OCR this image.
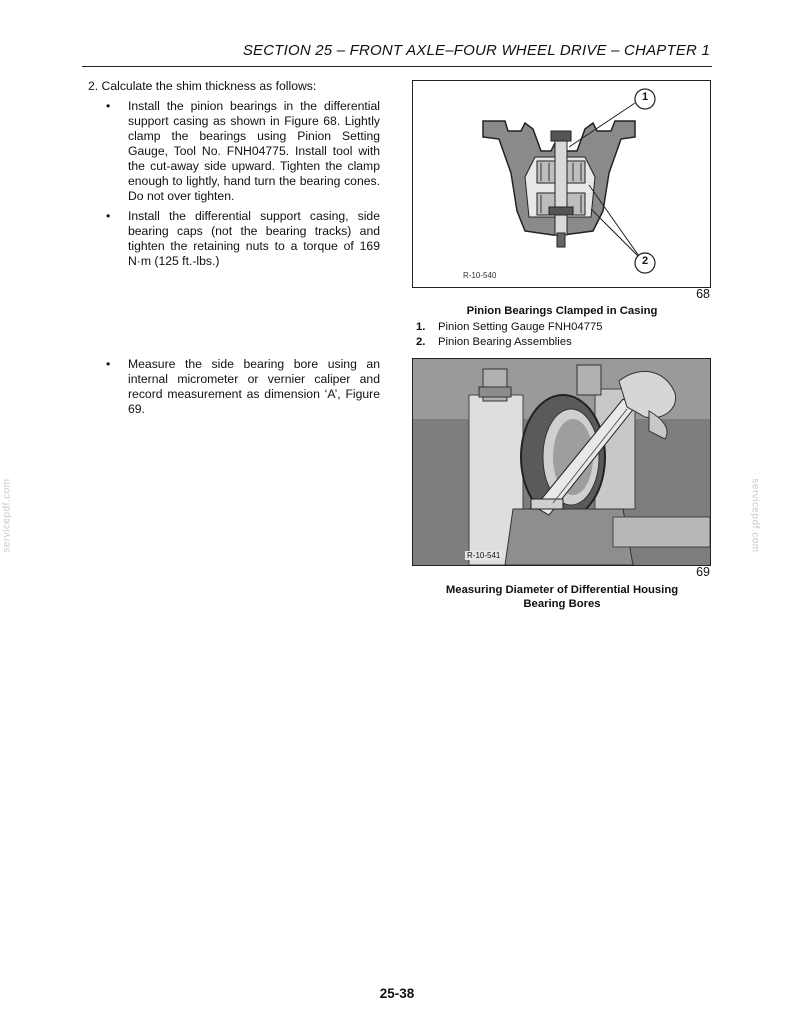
SECTION 25 – FRONT AXLE–FOUR WHEEL DRIVE – CHAPTER 1
2. Calculate the shim thickness as follows:
• Install the pinion bearings in the differential support casing as shown in Figure 68. Lightly clamp the bearings using Pinion Setting Gauge, Tool No. FNH04775. Install tool with the cut-away side upward. Tighten the clamp enough to lightly, hand turn the bearing cones. Do not over tighten.
• Install the differential support casing, side bearing caps (not the bearing tracks) and tighten the retaining nuts to a torque of 169 N·m (125 ft.-lbs.)
• Measure the side bearing bore using an internal micrometer or vernier caliper and record measurement as dimension ‘A’, Figure 69.
1
2
R-10-540
68
Pinion Bearings Clamped in Casing
1. Pinion Setting Gauge FNH04775
2. Pinion Bearing Assemblies
R-10-541
69
Measuring Diameter of Differential Housing
Bearing Bores
servicepdf.com	servicepdf.com
25-38
